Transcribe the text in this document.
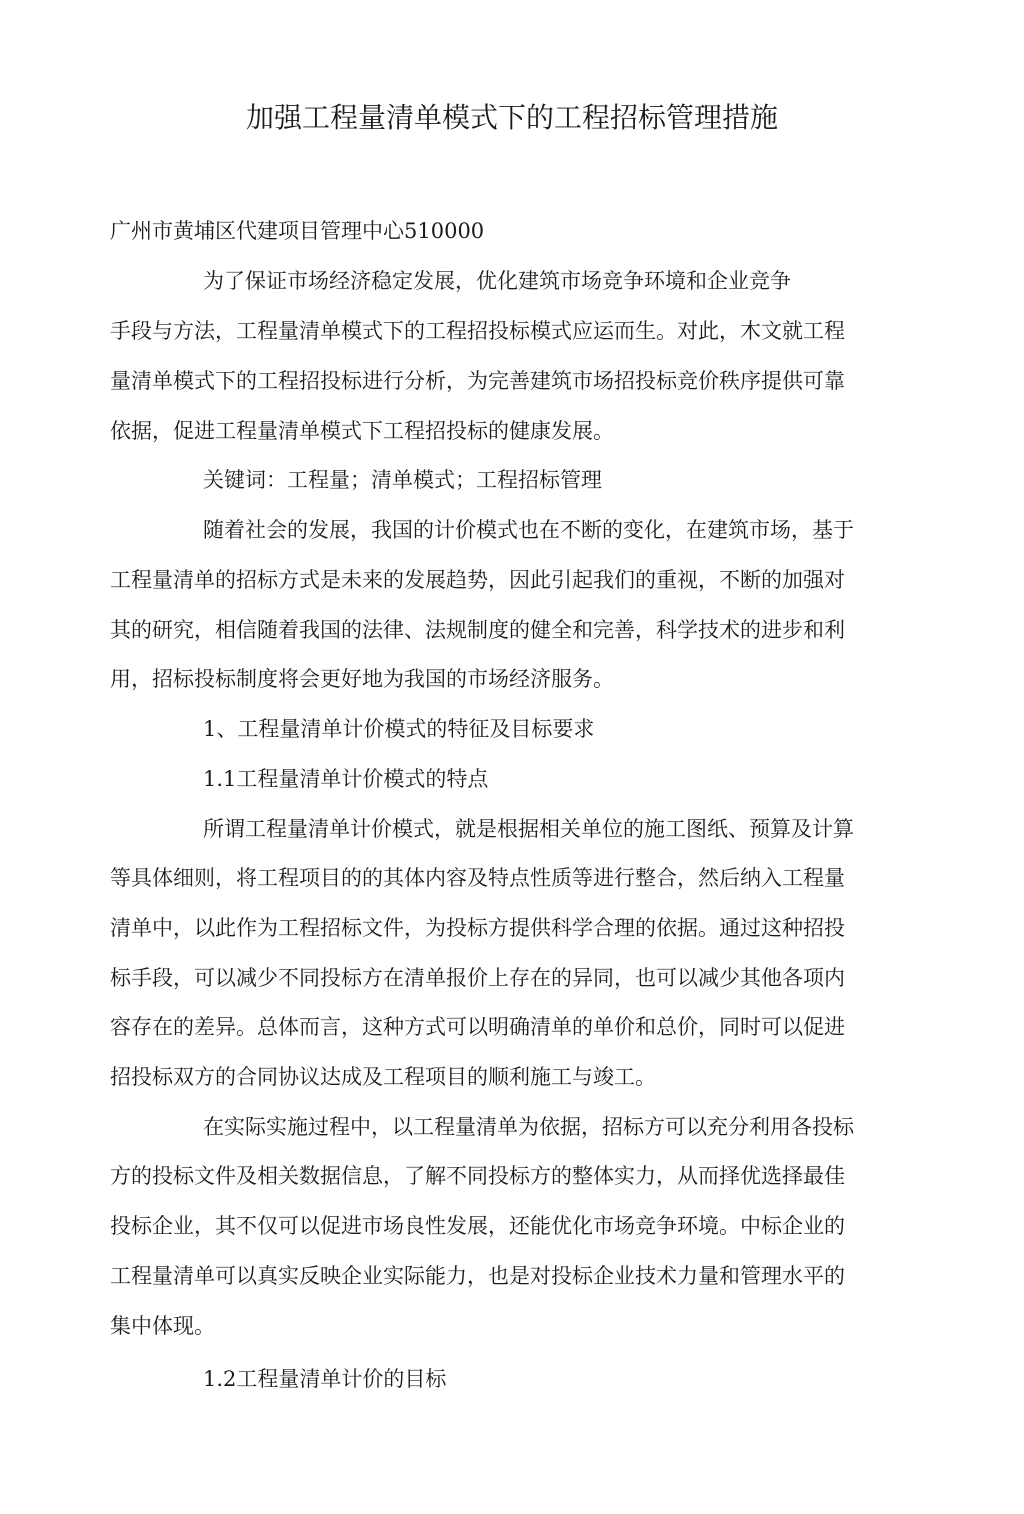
加强工程量清单模式下的工程招标管理措施
广州市黄埔区代建项目管理中心510000
为了保证市场经济稳定发展，优化建筑市场竞争环境和企业竞争
手段与方法，工程量清单模式下的工程招投标模式应运而生。对此，木文就工程
量清单模式下的工程招投标进行分析，为完善建筑市场招投标竞价秩序提供可靠
依据，促进工程量清单模式下工程招投标的健康发展。
关键词：工程量；清单模式；工程招标管理
随着社会的发展，我国的计价模式也在不断的变化，在建筑市场，基于
工程量清单的招标方式是未来的发展趋势，因此引起我们的重视，不断的加强对
其的研究，相信随着我国的法律、法规制度的健全和完善，科学技术的进步和利
用，招标投标制度将会更好地为我国的市场经济服务。
1、工程量清单计价模式的特征及目标要求
1.1工程量清单计价模式的特点
所谓工程量清单计价模式，就是根据相关单位的施工图纸、预算及计算
等具体细则，将工程项目的的其体内容及特点性质等进行整合，然后纳入工程量
清单中，以此作为工程招标文件，为投标方提供科学合理的依据。通过这种招投
标手段，可以减少不同投标方在清单报价上存在的异同，也可以减少其他各项内
容存在的差异。总体而言，这种方式可以明确清单的单价和总价，同时可以促进
招投标双方的合同协议达成及工程项目的顺利施工与竣工。
在实际实施过程中，以工程量清单为依据，招标方可以充分利用各投标
方的投标文件及相关数据信息，了解不同投标方的整体实力，从而择优选择最佳
投标企业，其不仅可以促进市场良性发展，还能优化市场竞争环境。中标企业的
工程量清单可以真实反映企业实际能力，也是对投标企业技术力量和管理水平的
集中体现。
1.2工程量清单计价的目标
